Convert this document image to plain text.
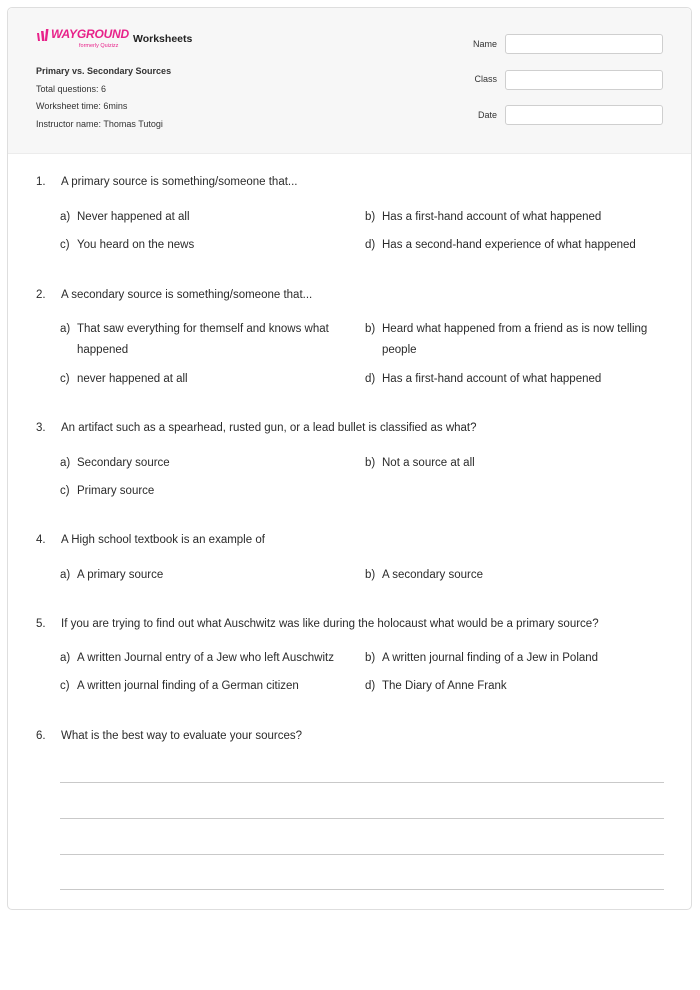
WAYGROUND
formerly Quizizz
Worksheets
Primary vs. Secondary Sources
Total questions: 6
Worksheet time: 6mins
Instructor name: Thomas Tutogi
Name
Class
Date
1. A primary source is something/someone that...
a) Never happened at all	b) Has a first-hand account of what happened
c) You heard on the news	d) Has a second-hand experience of what happened
2. A secondary source is something/someone that...
a) That saw everything for themself and knows what happened
b) Heard what happened from a friend as is now telling people
c) never happened at all	d) Has a first-hand account of what happened
3. An artifact such as a spearhead, rusted gun, or a lead bullet is classified as what?
a) Secondary source	b) Not a source at all
c) Primary source
4. A High school textbook is an example of
a) A primary source	b) A secondary source
5. If you are trying to find out what Auschwitz was like during the holocaust what would be a primary source?
a) A written Journal entry of a Jew who left Auschwitz	b) A written journal finding of a Jew in Poland
c) A written journal finding of a German citizen	d) The Diary of Anne Frank
6. What is the best way to evaluate your sources?
